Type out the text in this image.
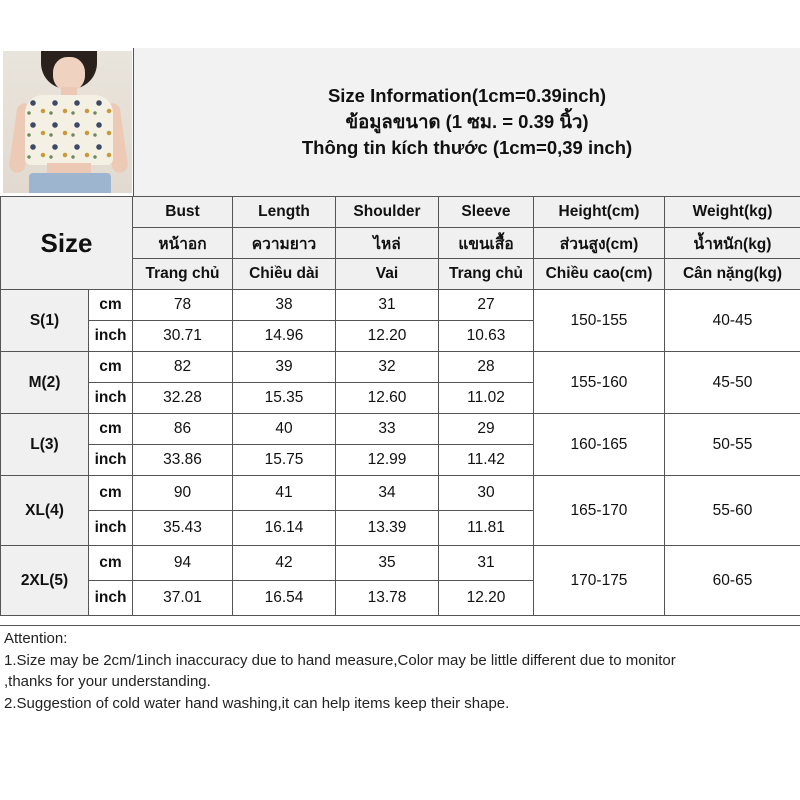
Size Information(1cm=0.39inch)
ข้อมูลขนาด (1 ซม. = 0.39 นิ้ว)
Thông tin kích thước (1cm=0,39 inch)
Size		Bust	Length	Shoulder	Sleeve	Height(cm)	Weight(kg)
		หน้าอก	ความยาว	ไหล่	แขนเสื้อ	ส่วนสูง(cm)	น้ำหนัก(kg)
		Trang chủ	Chiều dài	Vai	Trang chủ	Chiều cao(cm)	Cân nặng(kg)
S(1)	cm	78	38	31	27	150-155	40-45
	inch	30.71	14.96	12.20	10.63		
M(2)	cm	82	39	32	28	155-160	45-50
	inch	32.28	15.35	12.60	11.02		
L(3)	cm	86	40	33	29	160-165	50-55
	inch	33.86	15.75	12.99	11.42		
XL(4)	cm	90	41	34	30	165-170	55-60
	inch	35.43	16.14	13.39	11.81		
2XL(5)	cm	94	42	35	31	170-175	60-65
	inch	37.01	16.54	13.78	12.20		
Attention:
1.Size may be 2cm/1inch inaccuracy due to hand measure,Color may be little different due to monitor
,thanks for your understanding.
2.Suggestion of cold water hand washing,it can help items keep their shape.
